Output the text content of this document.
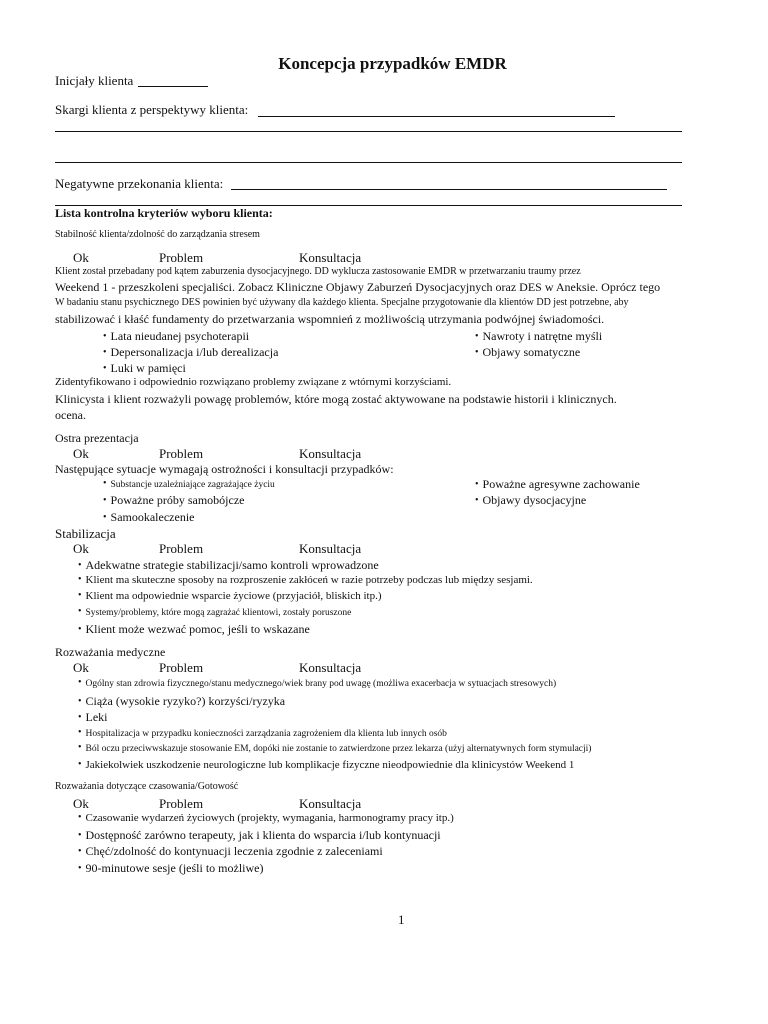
Koncepcja przypadków EMDR
Inicjały klienta
Skargi klienta z perspektywy klienta:
Negatywne przekonania klienta:
Lista kontrolna kryteriów wyboru klienta:
Stabilność klienta/zdolność do zarządzania stresem
Ok	Problem	Konsultacja
Klient został przebadany pod kątem zaburzenia dysocjacyjnego. DD wyklucza zastosowanie EMDR w przetwarzaniu traumy przez
Weekend 1 - przeszkoleni specjaliści. Zobacz Kliniczne Objawy Zaburzeń Dysocjacyjnych oraz DES w Aneksie. Oprócz tego
W badaniu stanu psychicznego DES powinien być używany dla każdego klienta. Specjalne przygotowanie dla klientów DD jest potrzebne, aby
stabilizować i kłaść fundamenty do przetwarzania wspomnień z możliwością utrzymania podwójnej świadomości.
• Lata nieudanej psychoterapii
• Depersonalizacja i/lub derealizacja
• Luki w pamięci
• Nawroty i natrętne myśli
• Objawy somatyczne
Zidentyfikowano i odpowiednio rozwiązano problemy związane z wtórnymi korzyściami.
Klinicysta i klient rozważyli powagę problemów, które mogą zostać aktywowane na podstawie historii i klinicznych.
ocena.
Ostra prezentacja
Ok	Problem	Konsultacja
Następujące sytuacje wymagają ostrożności i konsultacji przypadków:
• Substancje uzależniające zagrażające życiu
• Poważne próby samobójcze
• Samookaleczenie
• Poważne agresywne zachowanie
• Objawy dysocjacyjne
Stabilizacja
Ok	Problem	Konsultacja
• Adekwatne strategie stabilizacji/samo kontroli wprowadzone
• Klient ma skuteczne sposoby na rozproszenie zakłóceń w razie potrzeby podczas lub między sesjami.
• Klient ma odpowiednie wsparcie życiowe (przyjaciół, bliskich itp.)
• Systemy/problemy, które mogą zagrażać klientowi, zostały poruszone
• Klient może wezwać pomoc, jeśli to wskazane
Rozważania medyczne
Ok	Problem	Konsultacja
• Ogólny stan zdrowia fizycznego/stanu medycznego/wiek brany pod uwagę (możliwa exacerbacja w sytuacjach stresowych)
• Ciąża (wysokie ryzyko?) korzyści/ryzyka
• Leki
• Hospitalizacja w przypadku konieczności zarządzania zagrożeniem dla klienta lub innych osób
• Ból oczu przeciwwskazuje stosowanie EM, dopóki nie zostanie to zatwierdzone przez lekarza (użyj alternatywnych form stymulacji)
• Jakiekolwiek uszkodzenie neurologiczne lub komplikacje fizyczne nieodpowiednie dla klinicystów Weekend 1
Rozważania dotyczące czasowania/Gotowość
Ok	Problem	Konsultacja
• Czasowanie wydarzeń życiowych (projekty, wymagania, harmonogramy pracy itp.)
• Dostępność zarówno terapeuty, jak i klienta do wsparcia i/lub kontynuacji
• Chęć/zdolność do kontynuacji leczenia zgodnie z zaleceniami
• 90-minutowe sesje (jeśli to możliwe)
1
